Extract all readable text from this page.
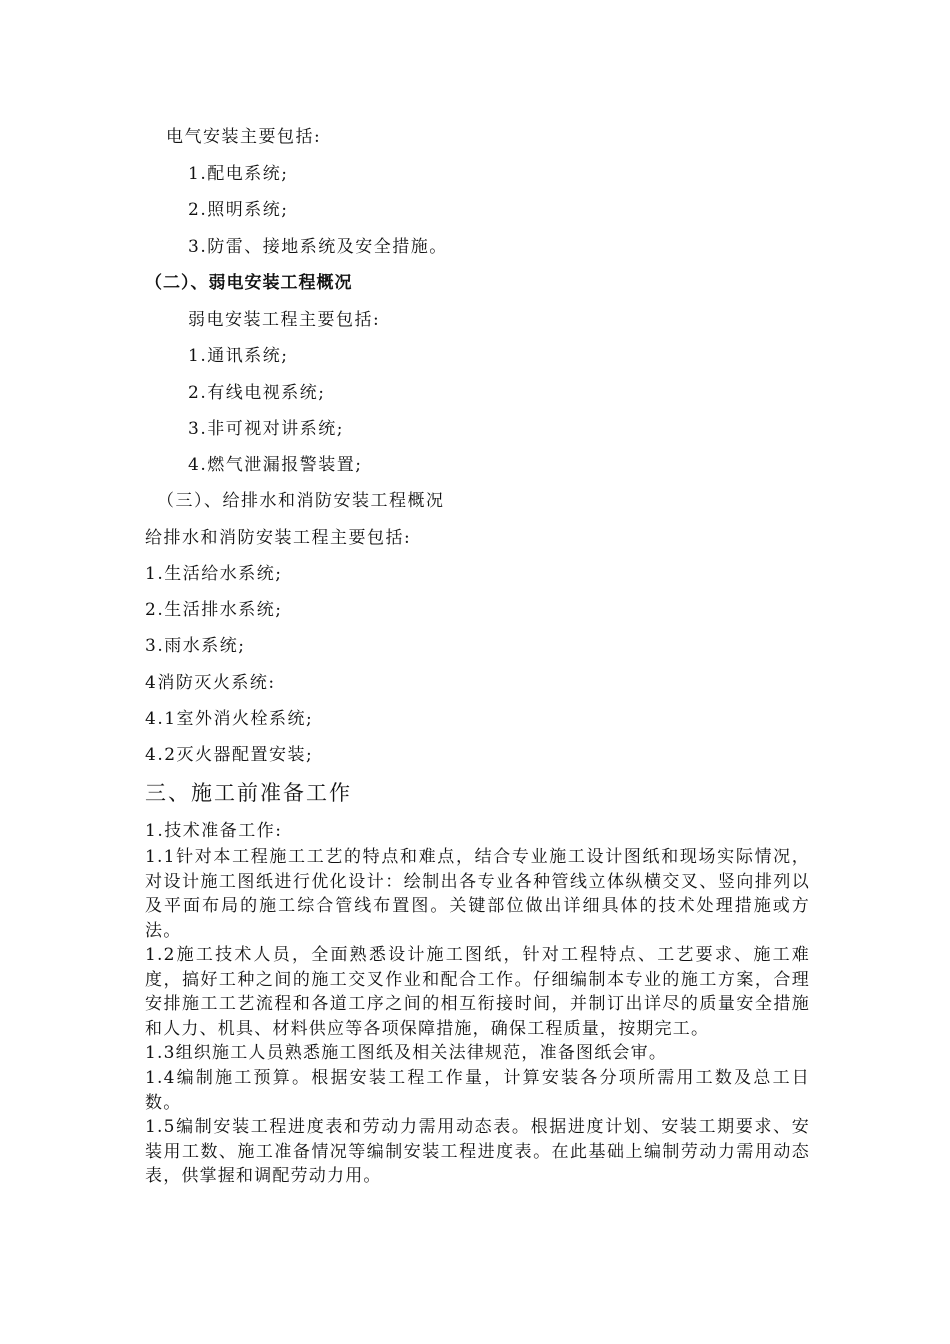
电气安装主要包括:
1.配电系统;
2.照明系统;
3.防雷、接地系统及安全措施。
（二）、弱电安装工程概况
弱电安装工程主要包括:
1.通讯系统;
2.有线电视系统;
3.非可视对讲系统;
4.燃气泄漏报警装置;
（三）、给排水和消防安装工程概况
给排水和消防安装工程主要包括:
1.生活给水系统;
2.生活排水系统;
3.雨水系统;
4消防灭火系统:
4.1室外消火栓系统;
4.2灭火器配置安装;
三、施工前准备工作
1.技术准备工作:
1.1针对本工程施工工艺的特点和难点，结合专业施工设计图纸和现场实际情况，对设计施工图纸进行优化设计：绘制出各专业各种管线立体纵横交叉、竖向排列以及平面布局的施工综合管线布置图。关键部位做出详细具体的技术处理措施或方法。
1.2施工技术人员，全面熟悉设计施工图纸，针对工程特点、工艺要求、施工难度，搞好工种之间的施工交叉作业和配合工作。仔细编制本专业的施工方案，合理安排施工工艺流程和各道工序之间的相互衔接时间，并制订出详尽的质量安全措施和人力、机具、材料供应等各项保障措施，确保工程质量，按期完工。
1.3组织施工人员熟悉施工图纸及相关法律规范，准备图纸会审。
1.4编制施工预算。根据安装工程工作量，计算安装各分项所需用工数及总工日数。
1.5编制安装工程进度表和劳动力需用动态表。根据进度计划、安装工期要求、安装用工数、施工准备情况等编制安装工程进度表。在此基础上编制劳动力需用动态表，供掌握和调配劳动力用。
